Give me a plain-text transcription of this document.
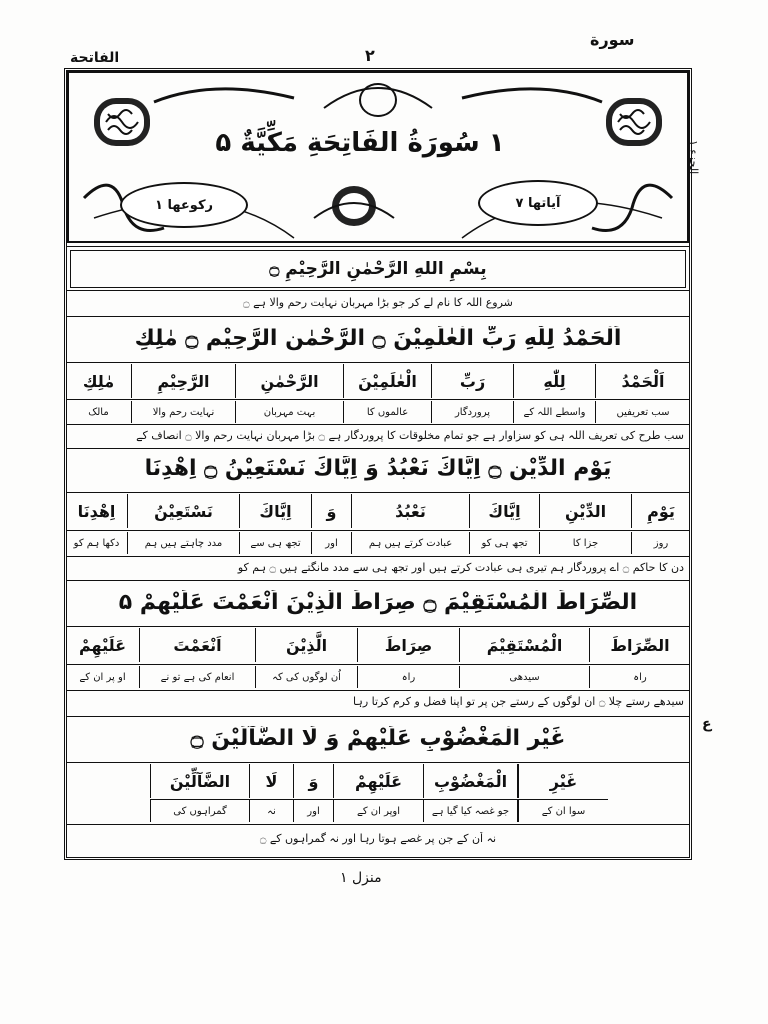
سورة
۲
الفاتحة
الجزء ۱
ع
۱ سُورَةُ الفَاتِحَةِ مَكِّيَّةٌ ۵
آیاتها ۷
رکوعها ۱
بِسْمِ اللهِ الرَّحْمٰنِ الرَّحِیْمِ ۝
شروع اللہ کا نام لے کر جو بڑا مہربان نہایت رحم والا ہے ۝
اَلْحَمْدُ لِلّٰهِ رَبِّ الْعٰلَمِیْنَ ۝ الرَّحْمٰنِ الرَّحِیْمِ ۝ مٰلِكِ
اَلْحَمْدُ
لِلّٰهِ
رَبِّ
الْعٰلَمِیْنَ
الرَّحْمٰنِ
الرَّحِیْمِ
مٰلِكِ
سب تعریفیں
واسطے اللہ کے
پروردگار
عالموں کا
بہت مہربان
نہایت رحم والا
مالک
سب طرح کی تعریف اللہ ہی کو سزاوار ہے جو تمام مخلوقات کا پروردگار ہے ۝ بڑا مہربان نہایت رحم والا ۝ انصاف کے
یَوْمِ الدِّیْنِ ۝ اِیَّاكَ نَعْبُدُ وَ اِیَّاكَ نَسْتَعِیْنُ ۝ اِهْدِنَا
یَوْمِ
الدِّیْنِ
اِیَّاكَ
نَعْبُدُ
وَ
اِیَّاكَ
نَسْتَعِیْنُ
اِهْدِنَا
روز
جزا کا
تجھ ہی کو
عبادت کرتے ہیں ہم
اور
تجھ ہی سے
مدد چاہتے ہیں ہم
دکھا ہم کو
دن کا حاکم ۝ اے پروردگار ہم تیری ہی عبادت کرتے ہیں اور تجھ ہی سے مدد مانگتے ہیں ۝ ہم کو
الصِّرَاطَ الْمُسْتَقِیْمَ ۝ صِرَاطَ الَّذِیْنَ اَنْعَمْتَ عَلَیْهِمْ ۵
الصِّرَاطَ
الْمُسْتَقِیْمَ
صِرَاطَ
الَّذِیْنَ
اَنْعَمْتَ
عَلَیْهِمْ
راہ
سیدھی
راہ
اُن لوگوں کی کہ
انعام کی ہے تو نے
او پر ان کے
سیدھے رستے چلا ۝ ان لوگوں کے رستے جن پر تو اپنا فضل و کرم کرتا رہا
غَیْرِ الْمَغْضُوْبِ عَلَیْهِمْ وَ لَا الضَّآلِّیْنَ ۝
غَیْرِ
الْمَغْضُوْبِ
عَلَیْهِمْ
وَ
لَا
الضَّآلِّیْنَ
سوا ان کے
جو غصہ کیا گیا ہے
اوپر ان کے
اور
نہ
گمراہوں کی
نہ اُن کے جن پر غصے ہوتا رہا اور نہ گمراہوں کے ۝
منزل ۱
